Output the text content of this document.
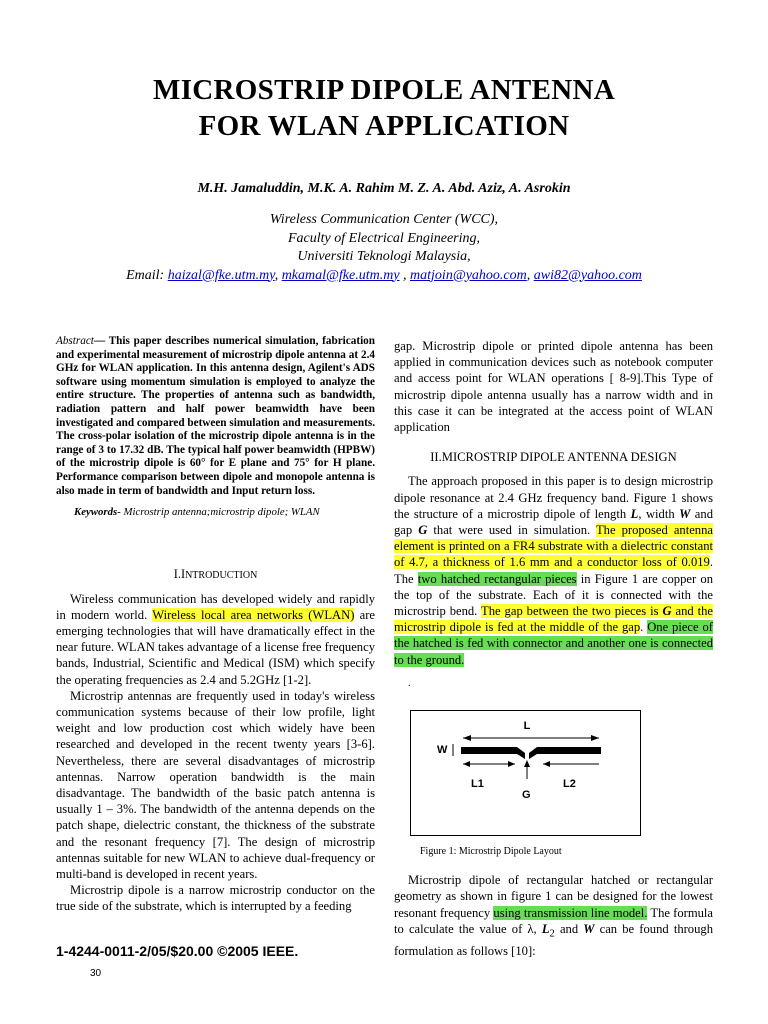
MICROSTRIP DIPOLE ANTENNA
FOR WLAN APPLICATION
M.H. Jamaluddin, M.K. A. Rahim M. Z. A. Abd. Aziz, A. Asrokin
Wireless Communication Center (WCC),
Faculty of Electrical Engineering,
Universiti Teknologi Malaysia,
Email: haizal@fke.utm.my, mkamal@fke.utm.my , matjoin@yahoo.com, awi82@yahoo.com

Abstract— This paper describes numerical simulation, fabrication and experimental measurement of microstrip dipole antenna at 2.4 GHz for WLAN application. In this antenna design, Agilent's ADS software using momentum simulation is employed to analyze the entire structure. The properties of antenna such as bandwidth, radiation pattern and half power beamwidth have been investigated and compared between simulation and measurements. The cross-polar isolation of the microstrip dipole antenna is in the range of 3 to 17.32 dB. The typical half power beamwidth (HPBW) of the microstrip dipole is 60° for E plane and 75° for H plane. Performance comparison between dipole and monopole antenna is also made in term of bandwidth and Input return loss.

Keywords- Microstrip antenna;microstrip dipole; WLAN
I.INTRODUCTION

Wireless communication has developed widely and rapidly in modern world. Wireless local area networks (WLAN) are emerging technologies that will have dramatically effect in the near future. WLAN takes advantage of a license free frequency bands, Industrial, Scientific and Medical (ISM) which specify the operating frequencies as 2.4 and 5.2GHz [1-2].

Microstrip antennas are frequently used in today's wireless communication systems because of their low profile, light weight and low production cost which widely have been researched and developed in the recent twenty years [3-6]. Nevertheless, there are several disadvantages of microstrip antennas. Narrow operation bandwidth is the main disadvantage. The bandwidth of the basic patch antenna is usually 1 – 3%. The bandwidth of the antenna depends on the patch shape, dielectric constant, the thickness of the substrate and the resonant frequency [7]. The design of microstrip antennas suitable for new WLAN to achieve dual-frequency or multi-band is developed in recent years.

Microstrip dipole is a narrow microstrip conductor on the true side of the substrate, which is interrupted by a feeding

gap. Microstrip dipole or printed dipole antenna has been applied in communication devices such as notebook computer and access point for WLAN operations [ 8-9].This Type of microstrip dipole antenna usually has a narrow width and in this case it can be integrated at the access point of WLAN application

II.MICROSTRIP DIPOLE ANTENNA DESIGN

The approach proposed in this paper is to design microstrip dipole resonance at 2.4 GHz frequency band. Figure 1 shows the structure of a microstrip dipole of length L, width W and gap G that were used in simulation. The proposed antenna element is printed on a FR4 substrate with a dielectric constant of 4.7, a thickness of 1.6 mm and a conductor loss of 0.019. The two hatched rectangular pieces in Figure 1 are copper on the top of the substrate. Each of it is connected with the microstrip bend. The gap between the two pieces is G and the microstrip dipole is fed at the middle of the gap. One piece of the hatched is fed with connector and another one is connected to the ground.

.
L
W
L1
G
L2
Figure 1: Microstrip Dipole Layout

Microstrip dipole of rectangular hatched or rectangular geometry as shown in figure 1 can be designed for the lowest resonant frequency using transmission line model. The formula to calculate the value of λ, $L_2$ and W can be found through formulation as follows [10]:

1-4244-0011-2/05/$20.00 ©2005 IEEE.
30
